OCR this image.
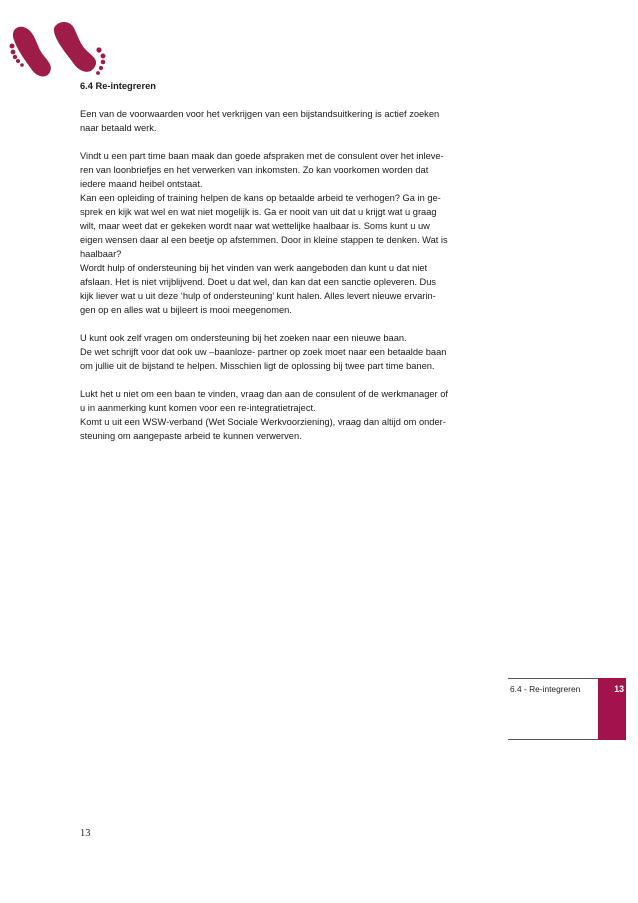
6.4 Re-integreren

Een van de voorwaarden voor het verkrijgen van een bijstandsuitkering is actief zoeken
naar betaald werk.

Vindt u een part time baan maak dan goede afspraken met de consulent over het inleve-
ren van loonbriefjes en het verwerken van inkomsten. Zo kan voorkomen worden dat
iedere maand heibel ontstaat.
Kan een opleiding of training helpen de kans op betaalde arbeid te verhogen? Ga in ge-
sprek en kijk wat wel en wat niet mogelijk is. Ga er nooit van uit dat u krijgt wat u graag
wilt, maar weet dat er gekeken wordt naar wat wettelijke haalbaar is. Soms kunt u uw
eigen wensen daar al een beetje op afstemmen. Door in kleine stappen te denken. Wat is
haalbaar?
Wordt hulp of ondersteuning bij het vinden van werk aangeboden dan kunt u dat niet
afslaan. Het is niet vrijblijvend. Doet u dat wel, dan kan dat een sanctie opleveren. Dus
kijk liever wat u uit deze ‘hulp of ondersteuning’ kunt halen. Alles levert nieuwe ervarin-
gen op en alles wat u bijleert is mooi meegenomen.

U kunt ook zelf vragen om ondersteuning bij het zoeken naar een nieuwe baan.
De wet schrijft voor dat ook uw –baanloze- partner op zoek moet naar een betaalde baan
om jullie uit de bijstand te helpen. Misschien ligt de oplossing bij twee part time banen.

Lukt het u niet om een baan te vinden, vraag dan aan de consulent of de werkmanager of
u in aanmerking kunt komen voor een re-integratietraject.
Komt u uit een WSW-verband (Wet Sociale Werkvoorziening), vraag dan altijd om onder-
steuning om aangepaste arbeid te kunnen verwerven.

6.4 - Re-integreren	13
13
